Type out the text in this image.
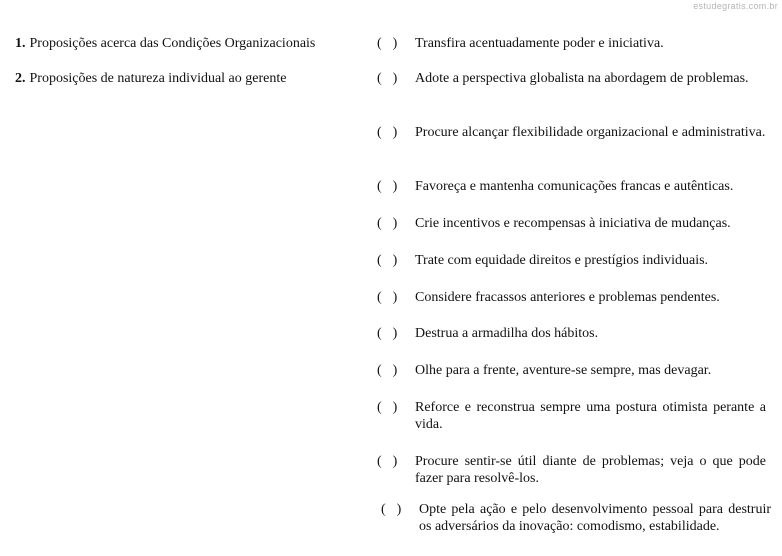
estudegratis.com.br
1. Proposições acerca das Condições Organizacionais
2. Proposições de natureza individual ao gerente
( )	Transfira acentuadamente poder e iniciativa.
( )	Adote a perspectiva globalista na abordagem de problemas.
( )	Procure alcançar flexibilidade organizacional e administrativa.
( )	Favoreça e mantenha comunicações francas e autênticas.
( )	Crie incentivos e recompensas à iniciativa de mudanças.
( )	Trate com equidade direitos e prestígios individuais.
( )	Considere fracassos anteriores e problemas pendentes.
( )	Destrua a armadilha dos hábitos.
( )	Olhe para a frente, aventure-se sempre, mas devagar.
( )	Reforce e reconstrua sempre uma postura otimista perante a vida.
( )	Procure sentir-se útil diante de problemas; veja o que pode fazer para resolvê-los.
( )	Opte pela ação e pelo desenvolvimento pessoal para destruir os adversários da inovação: comodismo, estabilidade.
